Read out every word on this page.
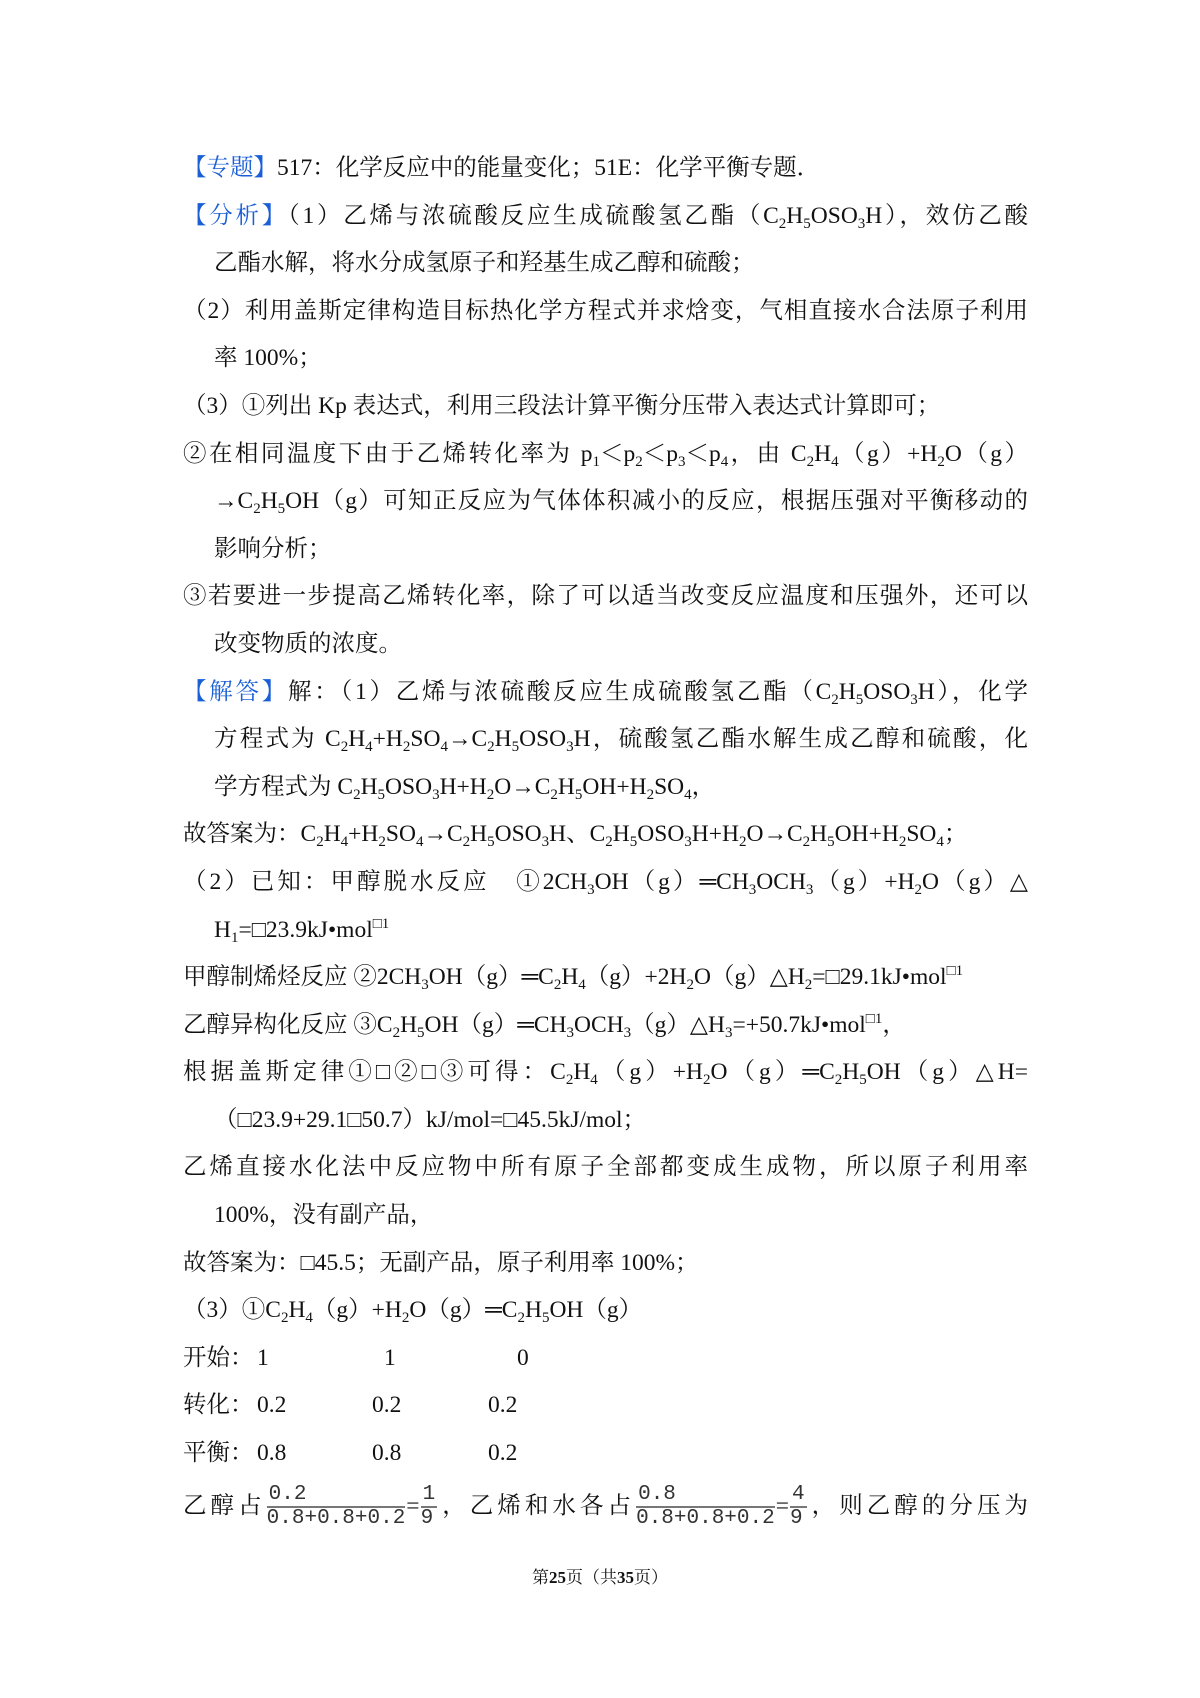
【专题】517：化学反应中的能量变化；51E：化学平衡专题．
【分析】（1）乙烯与浓硫酸反应生成硫酸氢乙酯$(C_2H_5OSO_3H)$，效仿乙酸
乙酯水解，将水分成氢原子和羟基生成乙醇和硫酸；
（2）利用盖斯定律构造目标热化学方程式并求焓变，气相直接水合法原子利用
率 100%；
（3）①列出 Kp 表达式，利用三段法计算平衡分压带入表达式计算即可；
②在相同温度下由于乙烯转化率为 $p_1<p_2<p_3<p_4$，由 $C_2H_4(g)+H_2O(g)$
$\to C_2H_5OH(g)$可知正反应为气体体积减小的反应，根据压强对平衡移动的
影响分析；
③若要进一步提高乙烯转化率，除了可以适当改变反应温度和压强外，还可以
改变物质的浓度。
【解答】解：（1）乙烯与浓硫酸反应生成硫酸氢乙酯$(C_2H_5OSO_3H)$，化学
方程式为 $C_2H_4+H_2SO_4\to C_2H_5OSO_3H$，硫酸氢乙酯水解生成乙醇和硫酸，化
学方程式为 $C_2H_5OSO_3H+H_2O\to C_2H_5OH+H_2SO_4$，
故答案为：$C_2H_4+H_2SO_4\to C_2H_5OSO_3H$、$C_2H_5OSO_3H+H_2O\to C_2H_5OH+H_2SO_4$；
（2）已知：甲醇脱水反应　$①2CH_3OH(g)═CH_3OCH_3(g)+H_2O(g)\triangle$
$H_1=□23.9kJ•mol^{□1}$
甲醇制烯烃反应 $②2CH_3OH(g)═C_2H_4(g)+2H_2O(g)\triangle H_2=□29.1kJ•mol^{□1}$
乙醇异构化反应 $③C_2H_5OH(g)═CH_3OCH_3(g)\triangle H_3=+50.7kJ•mol^{□1}$，
根据盖斯定律①□②□③可得：$C_2H_4(g)+H_2O(g)═C_2H_5OH(g)\triangle H=$
（□23.9+29.1□50.7）kJ/mol=□45.5kJ/mol；
乙烯直接水化法中反应物中所有原子全部都变成生成物，所以原子利用率
100%，没有副产品，
故答案为：□45.5；无副产品，原子利用率 100%；
$(3)①C_2H_4(g)+H_2O(g)═C_2H_5OH(g)$
开始： 1	1	0
转化： 0.2	0.2	0.2
平衡： 0.8	0.8	0.2
乙醇占 $\frac{0.2}{0.8+0.8+0.2} = \frac{1}{9}$ ，乙烯和水各占 $\frac{0.8}{0.8+0.8+0.2} = \frac{4}{9}$ ，则乙醇的分压为
第25页（共35页）
